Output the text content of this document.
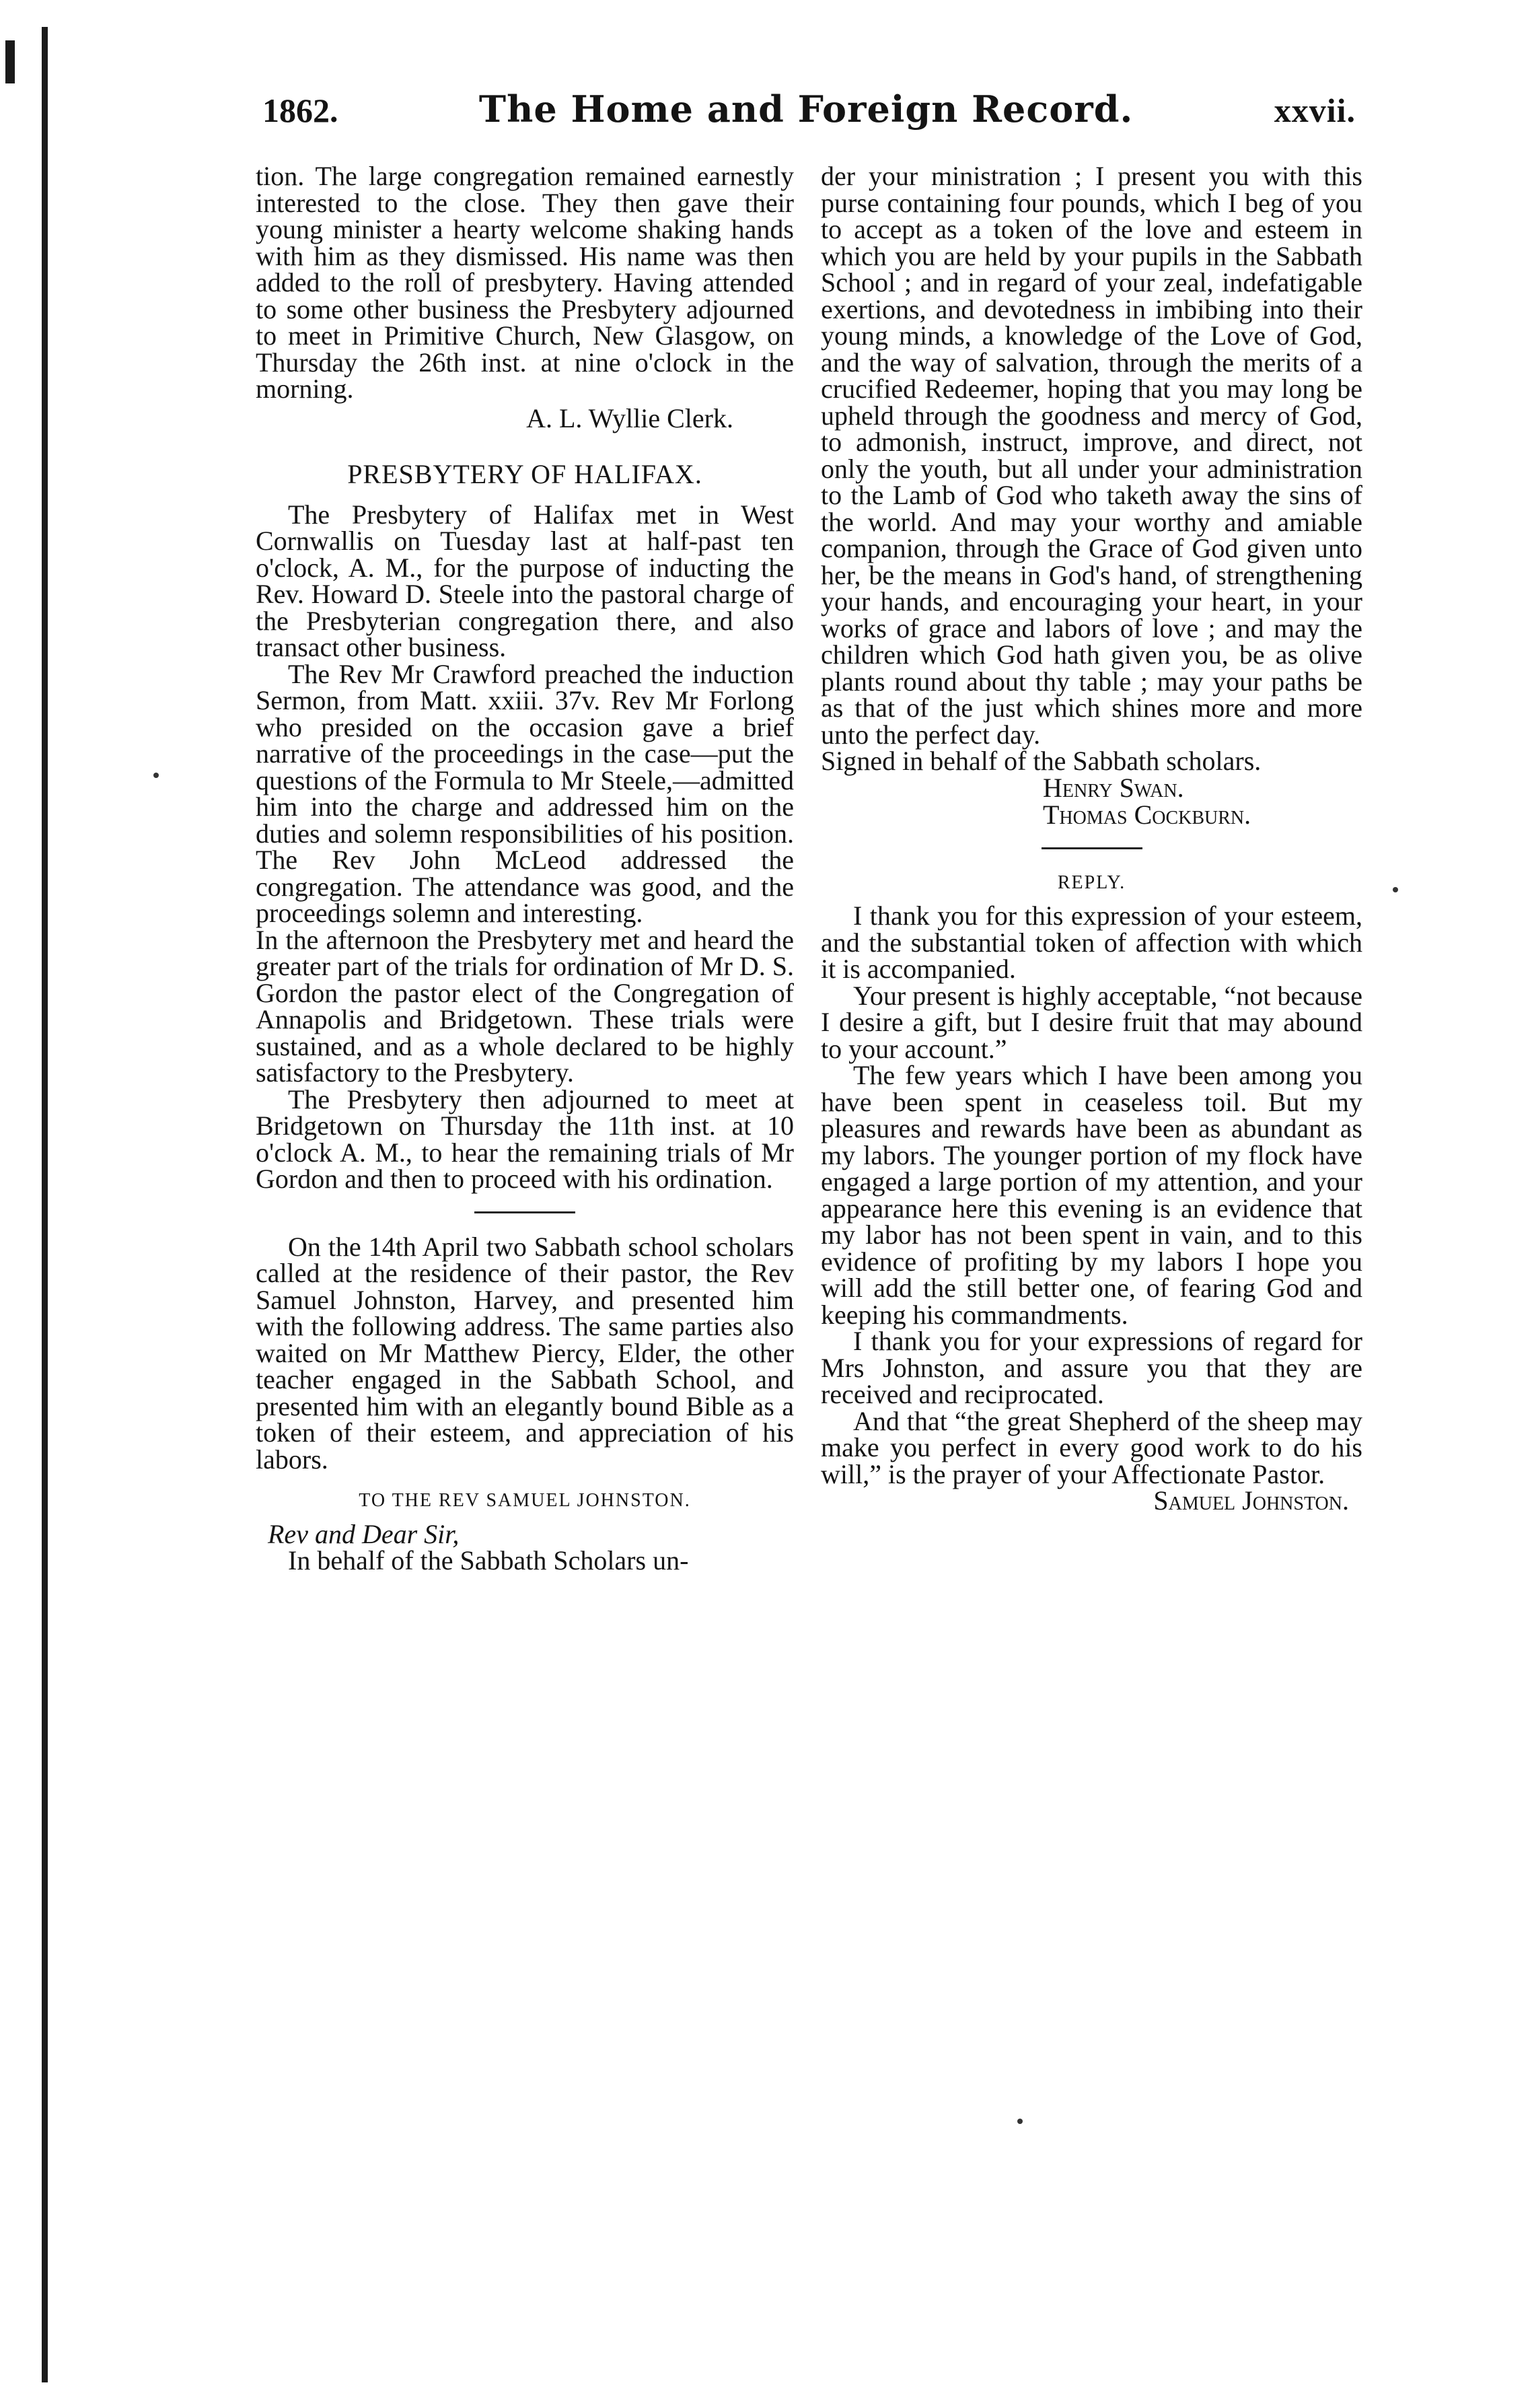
1862.	The Home and Foreign Record.	xxvii.

tion. The large congregation remained earnestly interested to the close. They then gave their young minister a hearty welcome shaking hands with him as they dismissed. His name was then added to the roll of presbytery. Having attended to some other business the Presbytery adjourned to meet in Primitive Church, New Glasgow, on Thursday the 26th inst. at nine o'clock in the morning.

A. L. Wyllie Clerk.
PRESBYTERY OF HALIFAX.

The Presbytery of Halifax met in West Cornwallis on Tuesday last at half-past ten o'clock, A. M., for the purpose of inducting the Rev. Howard D. Steele into the pastoral charge of the Presbyterian congregation there, and also transact other business.

The Rev Mr Crawford preached the induction Sermon, from Matt. xxiii. 37v. Rev Mr Forlong who presided on the occasion gave a brief narrative of the proceedings in the case—put the questions of the Formula to Mr Steele,—admitted him into the charge and addressed him on the duties and solemn responsibilities of his position. The Rev John McLeod addressed the congregation. The attendance was good, and the proceedings solemn and interesting.

In the afternoon the Presbytery met and heard the greater part of the trials for ordination of Mr D. S. Gordon the pastor elect of the Congregation of Annapolis and Bridgetown. These trials were sustained, and as a whole declared to be highly satisfactory to the Presbytery.

The Presbytery then adjourned to meet at Bridgetown on Thursday the 11th inst. at 10 o'clock A. M., to hear the remaining trials of Mr Gordon and then to proceed with his ordination.

On the 14th April two Sabbath school scholars called at the residence of their pastor, the Rev Samuel Johnston, Harvey, and presented him with the following address. The same parties also waited on Mr Matthew Piercy, Elder, the other teacher engaged in the Sabbath School, and presented him with an elegantly bound Bible as a token of their esteem, and appreciation of his labors.

TO THE REV SAMUEL JOHNSTON.
Rev and Dear Sir,

In behalf of the Sabbath Scholars un-

der your ministration ; I present you with this purse containing four pounds, which I beg of you to accept as a token of the love and esteem in which you are held by your pupils in the Sabbath School ; and in regard of your zeal, indefatigable exertions, and devotedness in imbibing into their young minds, a knowledge of the Love of God, and the way of salvation, through the merits of a crucified Redeemer, hoping that you may long be upheld through the goodness and mercy of God, to admonish, instruct, improve, and direct, not only the youth, but all under your administration to the Lamb of God who taketh away the sins of the world. And may your worthy and amiable companion, through the Grace of God given unto her, be the means in God's hand, of strengthening your hands, and encouraging your heart, in your works of grace and labors of love ; and may the children which God hath given you, be as olive plants round about thy table ; may your paths be as that of the just which shines more and more unto the perfect day.

Signed in behalf of the Sabbath scholars.

Henry Swan.
Thomas Cockburn.
REPLY.

I thank you for this expression of your esteem, and the substantial token of affection with which it is accompanied.

Your present is highly acceptable, “not because I desire a gift, but I desire fruit that may abound to your account.”

The few years which I have been among you have been spent in ceaseless toil. But my pleasures and rewards have been as abundant as my labors. The younger portion of my flock have engaged a large portion of my attention, and your appearance here this evening is an evidence that my labor has not been spent in vain, and to this evidence of profiting by my labors I hope you will add the still better one, of fearing God and keeping his commandments.

I thank you for your expressions of regard for Mrs Johnston, and assure you that they are received and reciprocated.

And that “the great Shepherd of the sheep may make you perfect in every good work to do his will,” is the prayer of your Affectionate Pastor.

Samuel Johnston.
